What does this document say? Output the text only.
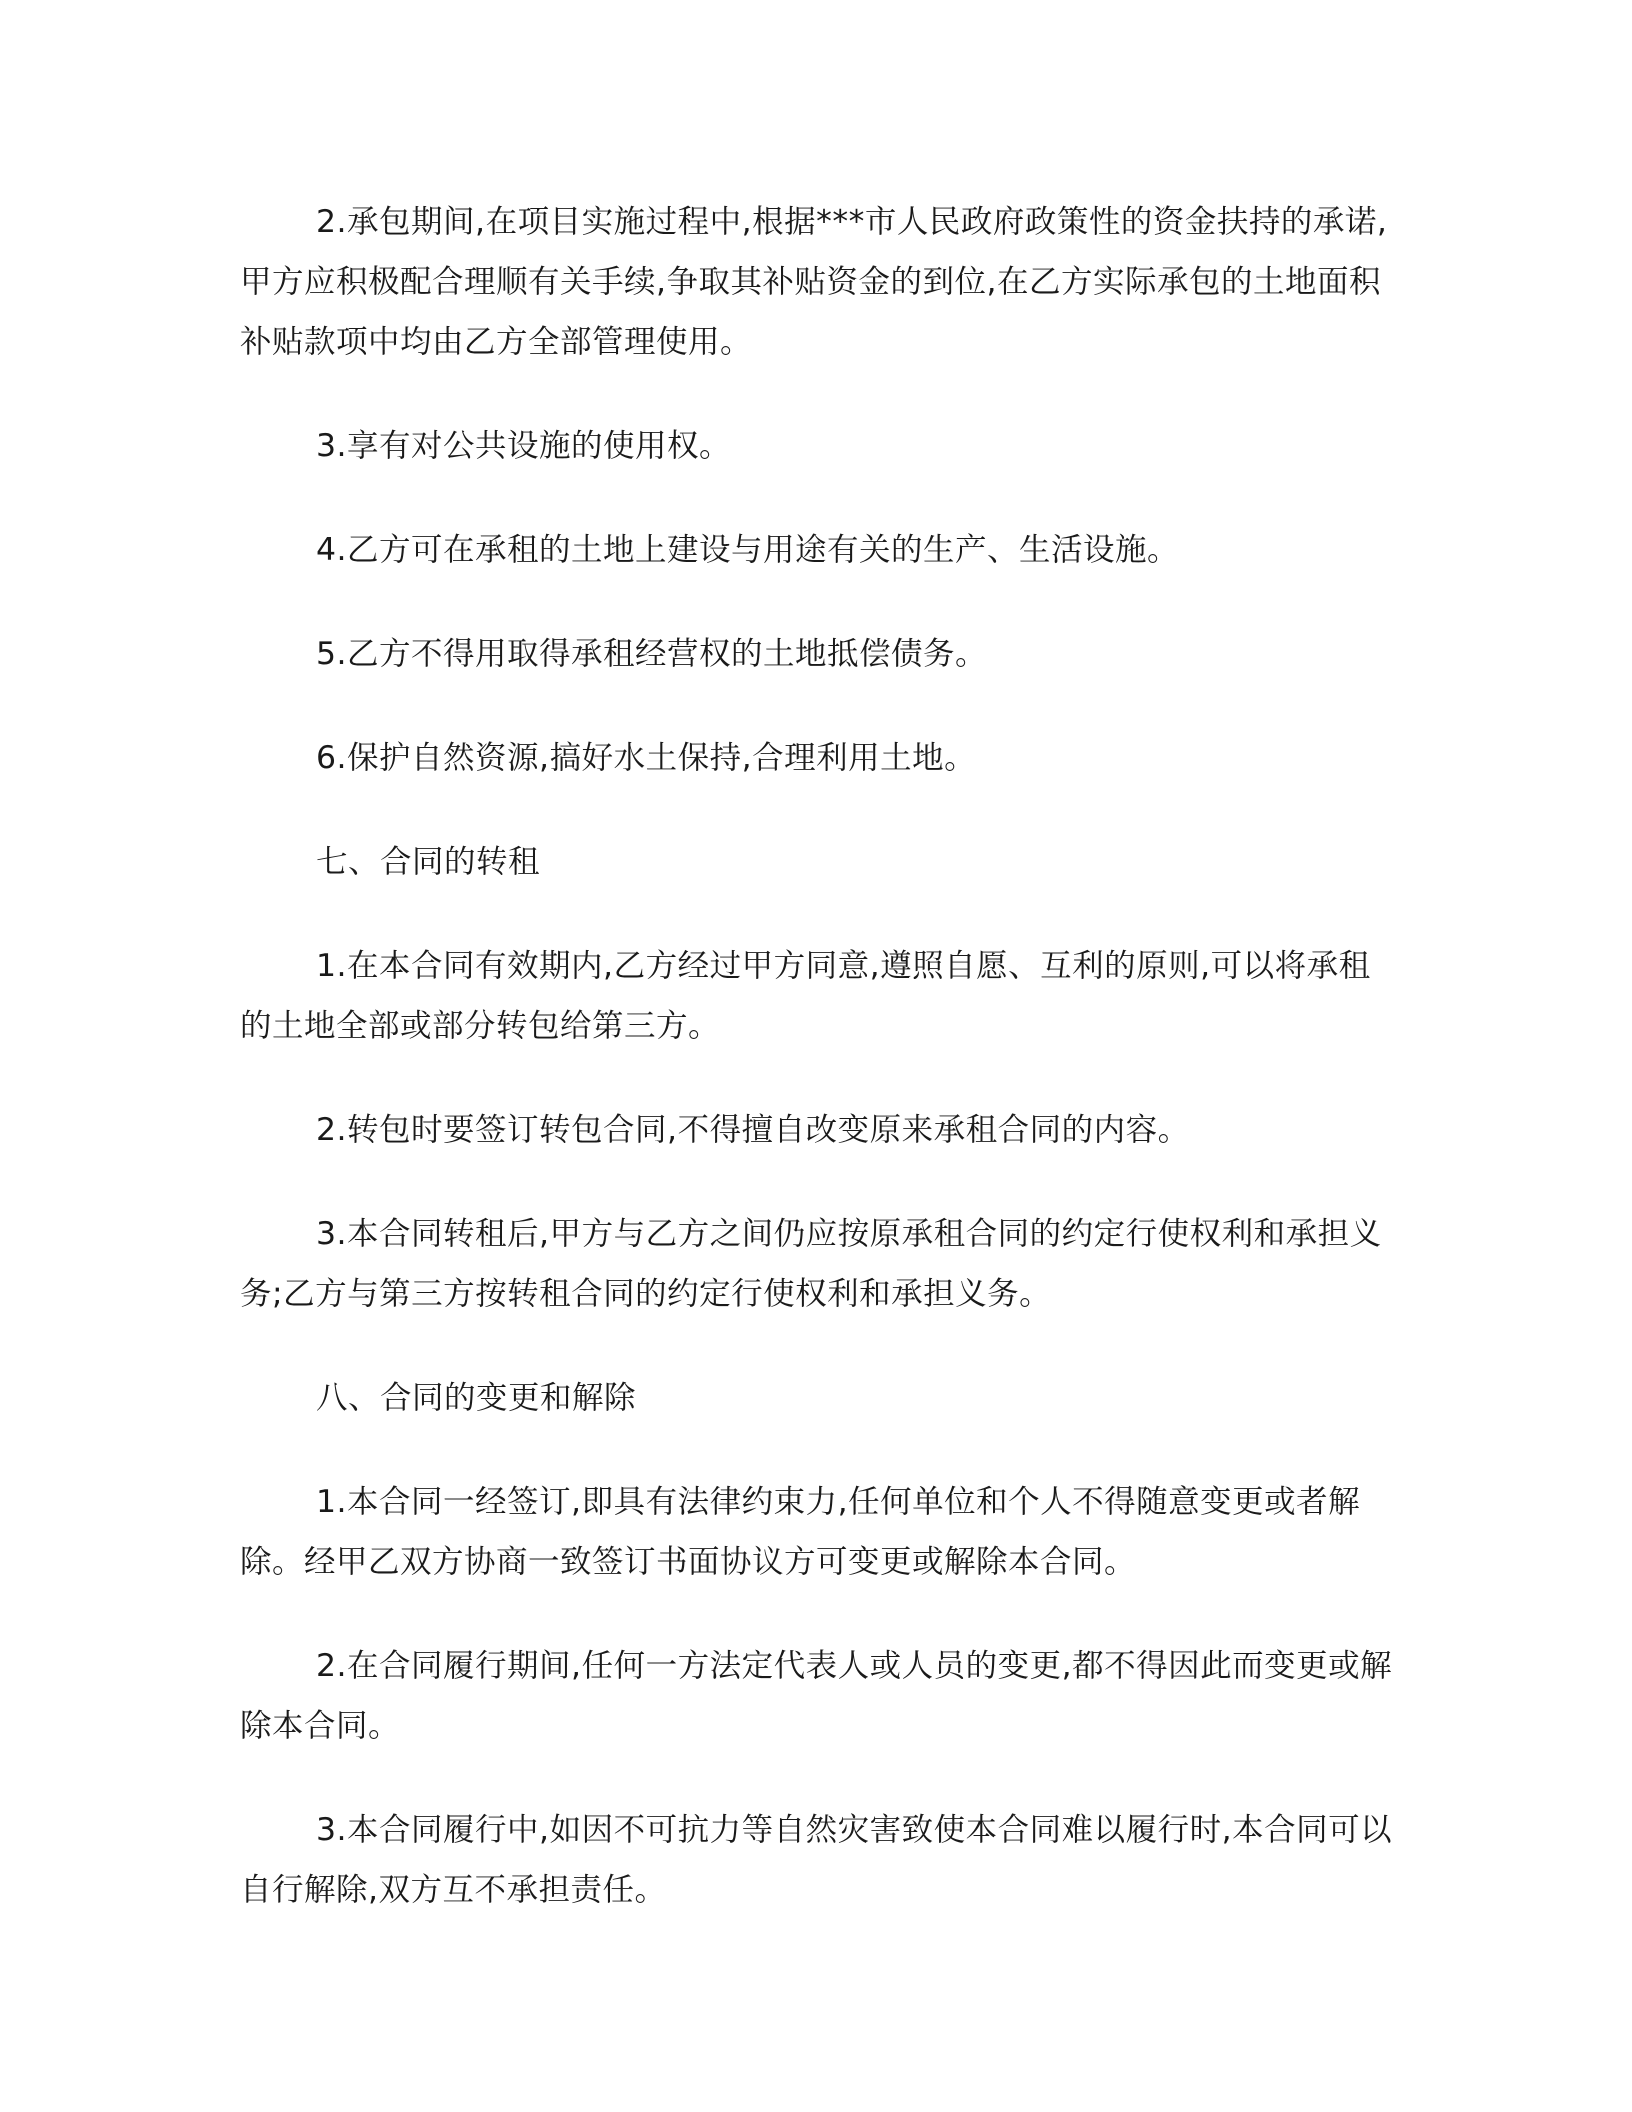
2.承包期间,在项目实施过程中,根据***市人民政府政策性的资金扶持的承诺,甲方应积极配合理顺有关手续,争取其补贴资金的到位,在乙方实际承包的土地面积补贴款项中均由乙方全部管理使用。

3.享有对公共设施的使用权。

4.乙方可在承租的土地上建设与用途有关的生产、生活设施。

5.乙方不得用取得承租经营权的土地抵偿债务。

6.保护自然资源,搞好水土保持,合理利用土地。

七、合同的转租

1.在本合同有效期内,乙方经过甲方同意,遵照自愿、互利的原则,可以将承租的土地全部或部分转包给第三方。

2.转包时要签订转包合同,不得擅自改变原来承租合同的内容。

3.本合同转租后,甲方与乙方之间仍应按原承租合同的约定行使权利和承担义务;乙方与第三方按转租合同的约定行使权利和承担义务。

八、合同的变更和解除

1.本合同一经签订,即具有法律约束力,任何单位和个人不得随意变更或者解除。经甲乙双方协商一致签订书面协议方可变更或解除本合同。

2.在合同履行期间,任何一方法定代表人或人员的变更,都不得因此而变更或解除本合同。

3.本合同履行中,如因不可抗力等自然灾害致使本合同难以履行时,本合同可以自行解除,双方互不承担责任。
